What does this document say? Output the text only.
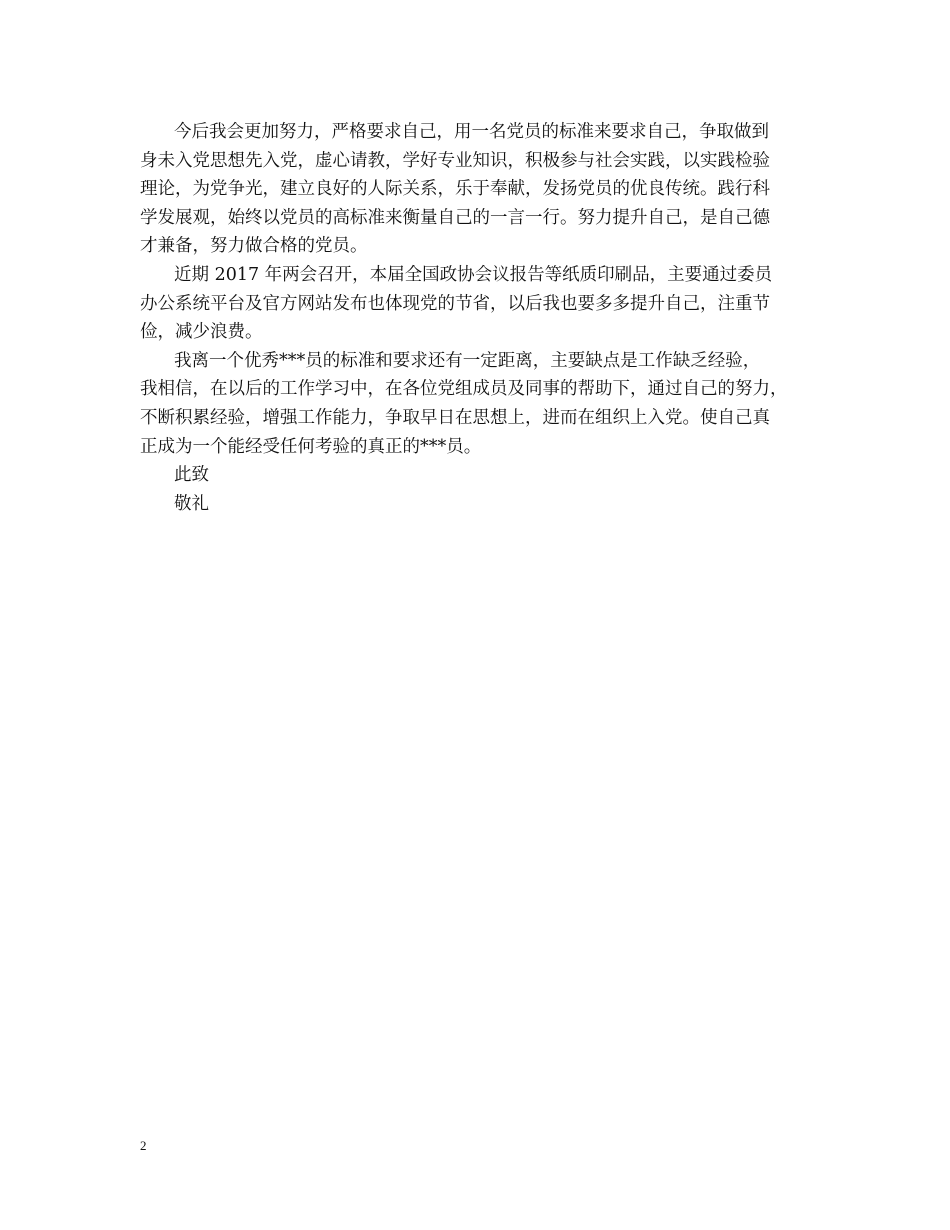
今后我会更加努力，严格要求自己，用一名党员的标准来要求自己，争取做到
身未入党思想先入党，虚心请教，学好专业知识，积极参与社会实践，以实践检验
理论，为党争光，建立良好的人际关系，乐于奉献，发扬党员的优良传统。践行科
学发展观，始终以党员的高标准来衡量自己的一言一行。努力提升自己，是自己德
才兼备，努力做合格的党员。

近期 2017 年两会召开，本届全国政协会议报告等纸质印刷品，主要通过委员
办公系统平台及官方网站发布也体现党的节省，以后我也要多多提升自己，注重节
俭，减少浪费。

我离一个优秀***员的标准和要求还有一定距离，主要缺点是工作缺乏经验，
我相信，在以后的工作学习中，在各位党组成员及同事的帮助下，通过自己的努力，
不断积累经验，增强工作能力，争取早日在思想上，进而在组织上入党。使自己真
正成为一个能经受任何考验的真正的***员。

此致

敬礼

2
